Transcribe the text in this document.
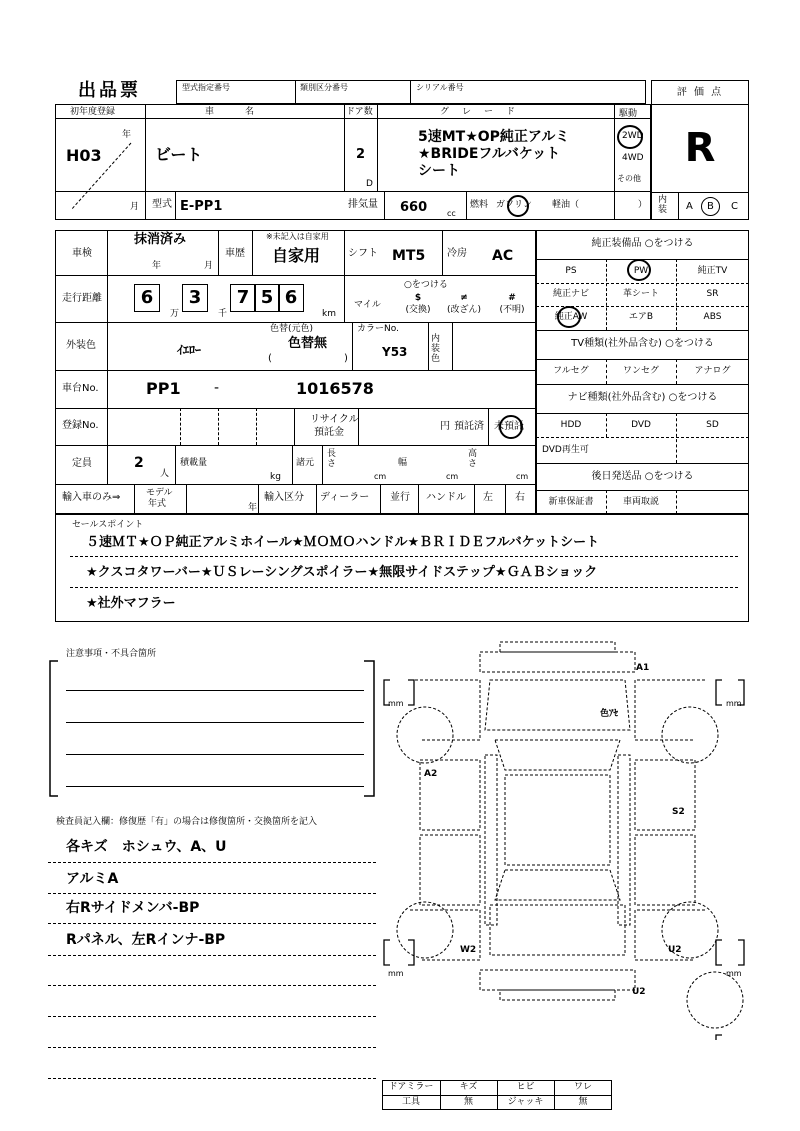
出品票	型式指定番号	類別区分番号	シリアル番号	評 価 点
R
内装	A B C
初年度登録
H03
年
月
車　　　名
ビート
ドア数
2
D
グ　レ　ー　ド
5速MT★OP純正アルミ
★BRIDEフルバケット
シート
駆動
2WD
4WD
その他
型式 E-PP1	排気量 660 cc
燃料 ガソリン 軽油（	）
車検
抹消済み
年	月
車歴
※未記入は自家用
自家用	シフト MT5 冷房 AC
走行距離	6	3	7 5 6
万	千	km
○をつける
マイル
$
(交換)
≠
(改ざん)
#
(不明)
外装色
色替(元色)
ｲｴﾛｰ	色替無
(	)
カラーNo.
Y53
内装色
車台No.	PP1 -	1016578
登録No.
リサイクル
預託金
円 預託済 未預託
定員	2
人
積載量
kg
諸元
長さ
cm
幅
cm
高さ
cm
輸入車のみ⇒	モデル
年式	年
輸入区分 ディーラー 並行 ハンドル 左 右
純正装備品 ○をつける
PS	PW	純正TV
純正ナビ	革シート	SR
純正AW	エアB	ABS
TV種類(社外品含む) ○をつける
フルセグ	ワンセグ	アナログ
ナビ種類(社外品含む) ○をつける
HDD	DVD	SD
DVD再生可
後日発送品 ○をつける
新車保証書	車両取説
セールスポイント
５速ＭＴ★ＯＰ純正アルミホイール★ＭＯＭＯハンドル★ＢＲＩＤＥフルバケットシート
★クスコタワーバー★ＵＳレーシングスポイラー★無限サイドステップ★ＧＡＢショック
★社外マフラー
注意事項・不具合箇所
検査員記入欄：修復歴「有」の場合は修復箇所・交換箇所を記入
各キズ　ホシュウ、A、U
アルミA
右Rサイドメンバ-BP
Rパネル、左Rインナ-BP
mm	mm
mm	mm
A1
色ｱｾ
A2
S2
W2	U2
U2
ドアミラー	キズ	ヒビ	ワレ
工具	無	ジャッキ	無
